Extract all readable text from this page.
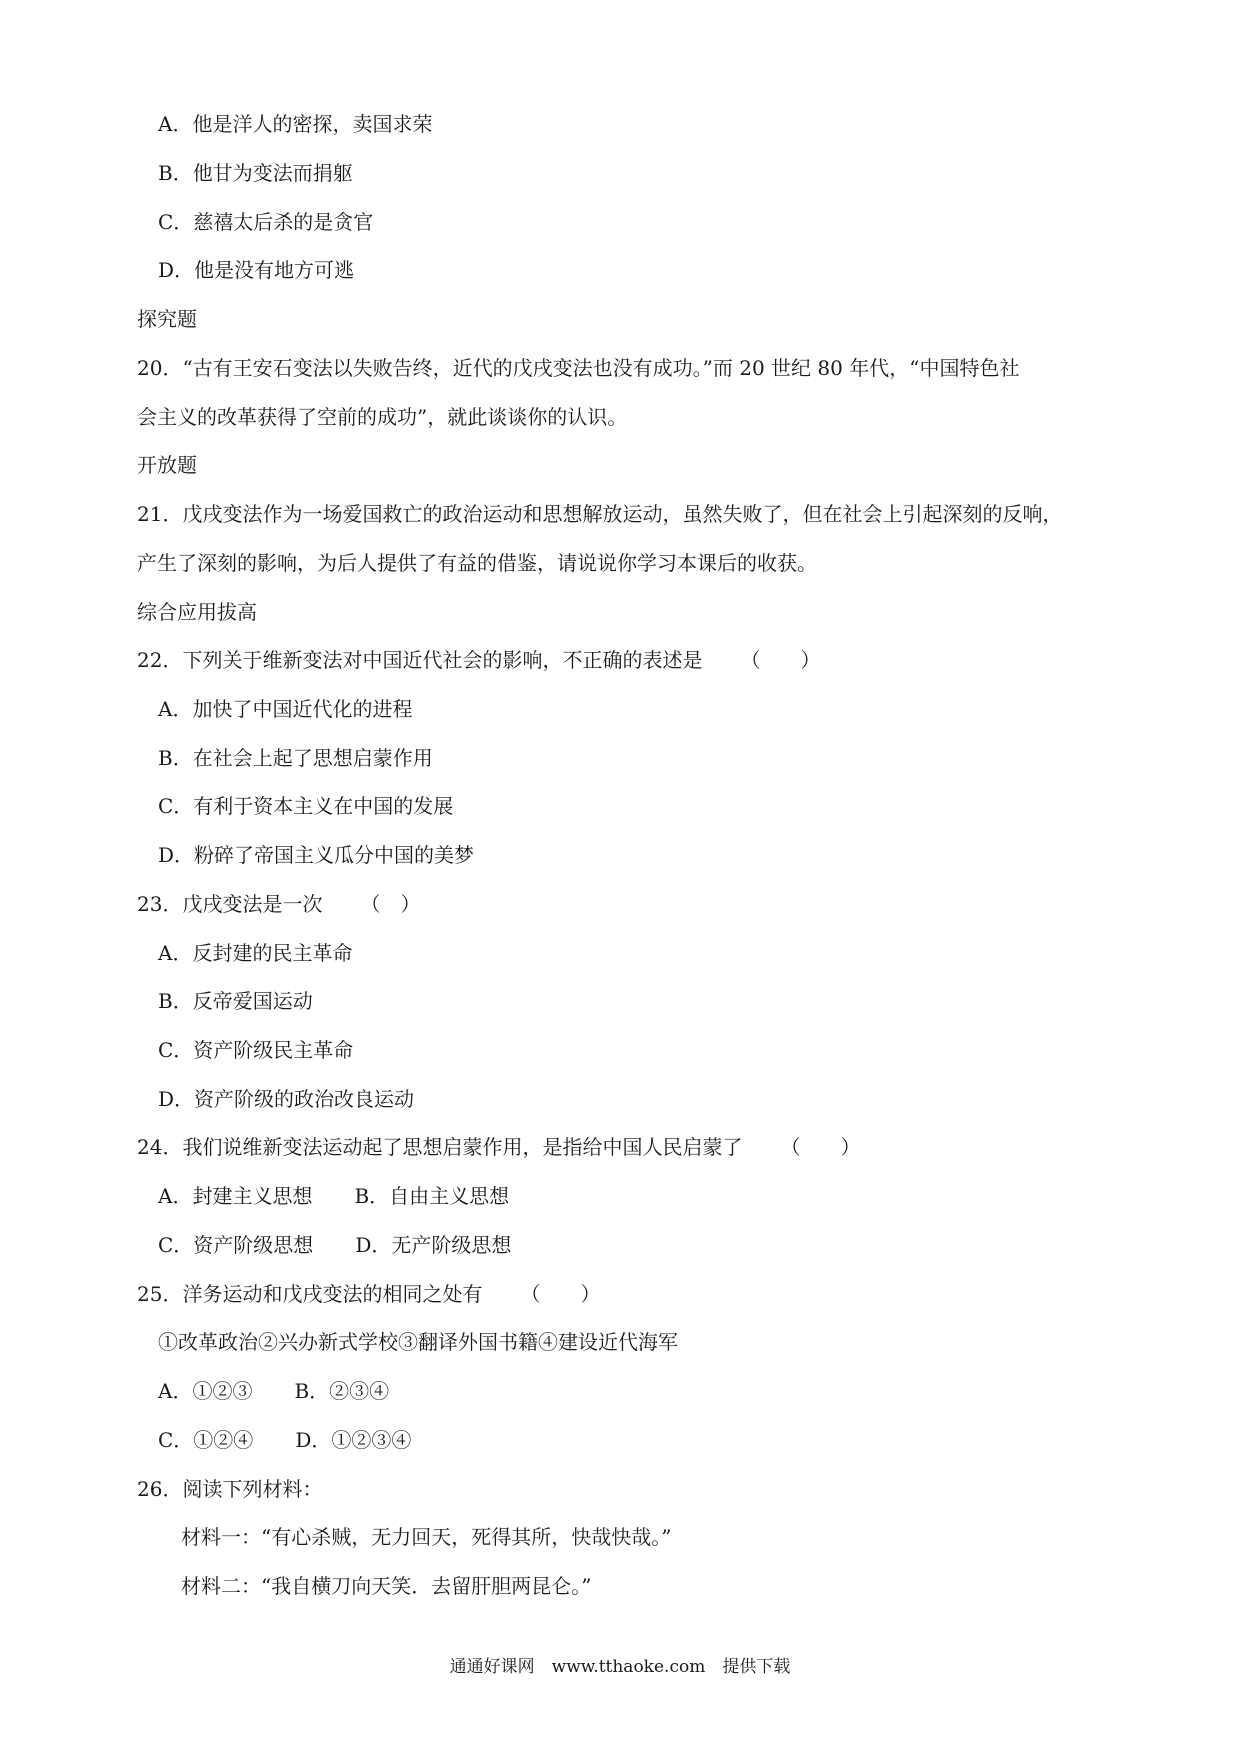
A．他是洋人的密探，卖国求荣
B．他甘为变法而捐躯
C．慈禧太后杀的是贪官
D．他是没有地方可逃
探究题
20．“古有王安石变法以失败告终，近代的戊戌变法也没有成功。”而 20 世纪 80 年代，“中国特色社
会主义的改革获得了空前的成功”，就此谈谈你的认识。
开放题
21．戊戌变法作为一场爱国救亡的政治运动和思想解放运动，虽然失败了，但在社会上引起深刻的反响，
产生了深刻的影响，为后人提供了有益的借鉴，请说说你学习本课后的收获。
综合应用拔高
22．下列关于维新变法对中国近代社会的影响，不正确的表述是 （　　）
A．加快了中国近代化的进程
B．在社会上起了思想启蒙作用
C．有利于资本主义在中国的发展
D．粉碎了帝国主义瓜分中国的美梦
23．戊戌变法是一次 （　）
A．反封建的民主革命
B．反帝爱国运动
C．资产阶级民主革命
D．资产阶级的政治改良运动
24．我们说维新变法运动起了思想启蒙作用，是指给中国人民启蒙了 （　　）
A．封建主义思想 B．自由主义思想
C．资产阶级思想 D．无产阶级思想
25．洋务运动和戊戌变法的相同之处有 （　　）
①改革政治②兴办新式学校③翻译外国书籍④建设近代海军
A．①②③ B．②③④
C．①②④ D．①②③④
26．阅读下列材料：
材料一：“有心杀贼，无力回天，死得其所，快哉快哉。”
材料二：“我自横刀向天笑．去留肝胆两昆仑。”
通通好课网　www.tthaoke.com　提供下载
